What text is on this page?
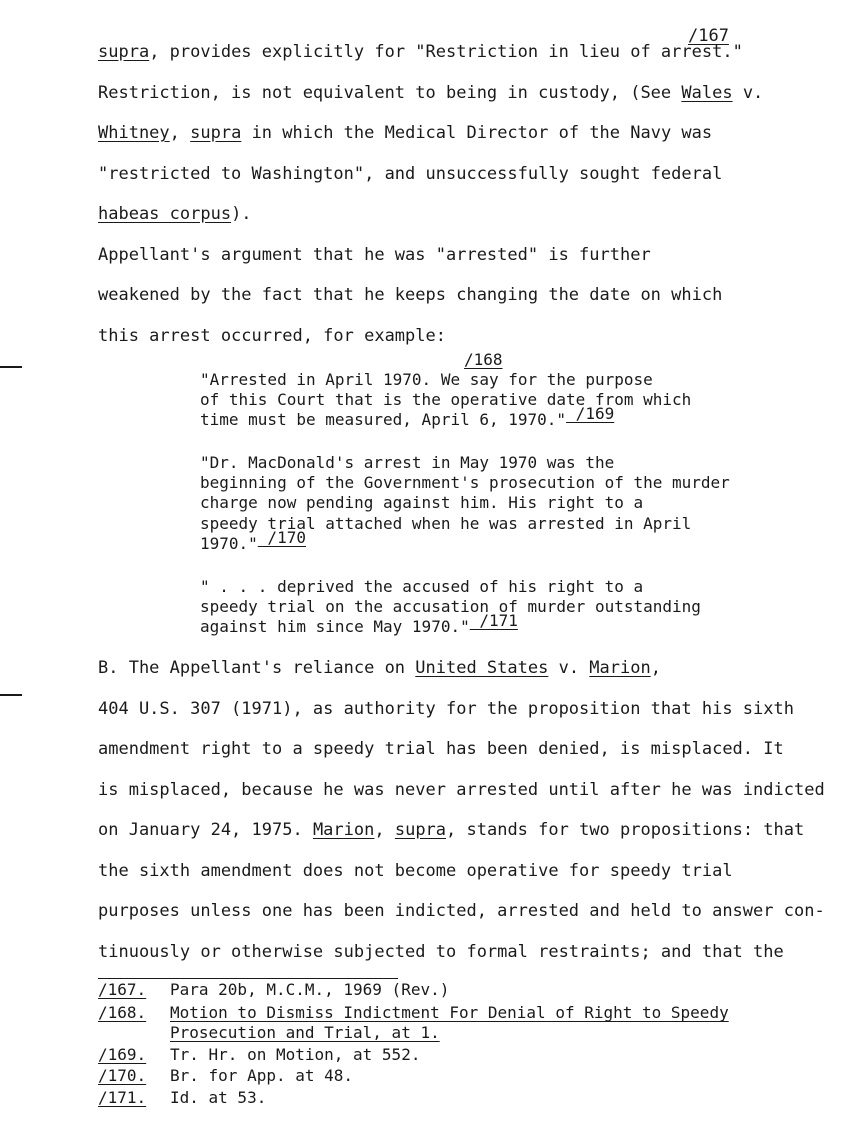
/167
supra, provides explicitly for "Restriction in lieu of arrest."
Restriction, is not equivalent to being in custody, (See Wales v.
Whitney, supra in which the Medical Director of the Navy was
"restricted to Washington", and unsuccessfully sought federal
habeas corpus).
Appellant's argument that he was "arrested" is further
weakened by the fact that he keeps changing the date on which
this arrest occurred, for example:
/168
"Arrested in April 1970. We say for the purpose
of this Court that is the operative date from which
time must be measured, April 6, 1970." /169
"Dr. MacDonald's arrest in May 1970 was the
beginning of the Government's prosecution of the murder
charge now pending against him. His right to a
speedy trial attached when he was arrested in April
1970." /170
" . . . deprived the accused of his right to a
speedy trial on the accusation of murder outstanding
against him since May 1970." /171
B. The Appellant's reliance on United States v. Marion,
404 U.S. 307 (1971), as authority for the proposition that his sixth
amendment right to a speedy trial has been denied, is misplaced. It
is misplaced, because he was never arrested until after he was indicted
on January 24, 1975. Marion, supra, stands for two propositions: that
the sixth amendment does not become operative for speedy trial
purposes unless one has been indicted, arrested and held to answer con-
tinuously or otherwise subjected to formal restraints; and that the
/167. Para 20b, M.C.M., 1969 (Rev.)
/168. Motion to Dismiss Indictment For Denial of Right to Speedy
Prosecution and Trial, at 1.
/169. Tr. Hr. on Motion, at 552.
/170. Br. for App. at 48.
/171. Id. at 53.
